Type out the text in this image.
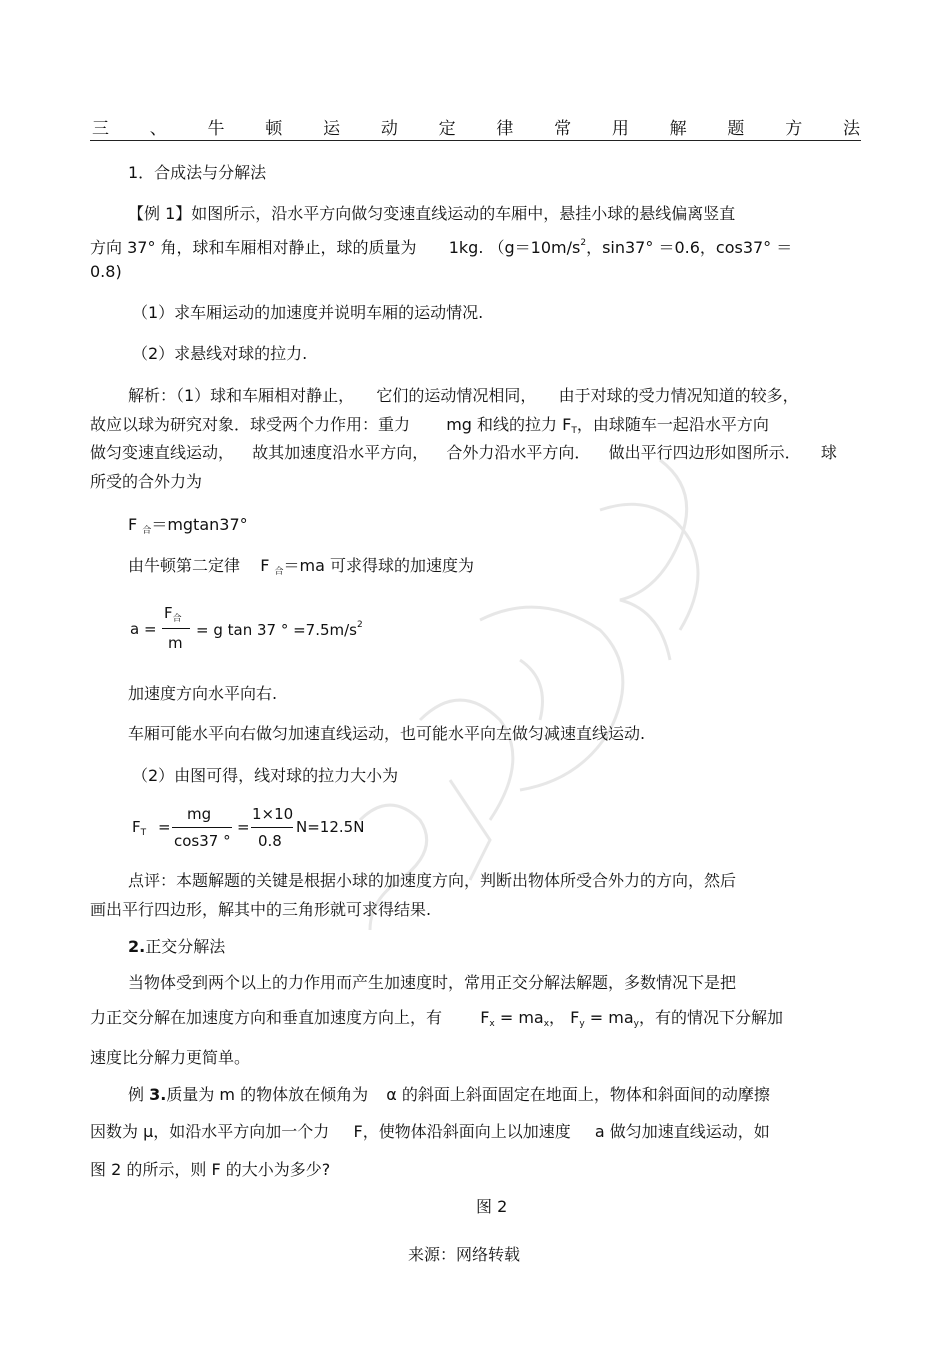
三 、 牛 顿 运 动 定 律 常 用 解 题 方 法
1．合成法与分解法
【例 1】如图所示，沿水平方向做匀变速直线运动的车厢中，悬挂小球的悬线偏离竖直
方向 37° 角，球和车厢相对静止，球的质量为 1kg. （$g=10m/s^2$，sin37° ＝0.6，cos37° ＝
0.8)
（1）求车厢运动的加速度并说明车厢的运动情况.
（2）求悬线对球的拉力.
解析：（1）球和车厢相对静止， 它们的运动情况相同， 由于对球的受力情况知道的较多，
故应以球为研究对象．球受两个力作用：重力 mg 和线的拉力 $F_T$，由球随车一起沿水平方向
做匀变速直线运动， 故其加速度沿水平方向， 合外力沿水平方向． 做出平行四边形如图所示． 球
所受的合外力为
F $_合$＝mgtan37°
由牛顿第二定律 F $_合$＝ma 可求得球的加速度为
a =
$F_合$
m
= g tan 37 ° $=7.5m/s^2$
加速度方向水平向右.
车厢可能水平向右做匀加速直线运动，也可能水平向左做匀减速直线运动.
（2）由图可得，线对球的拉力大小为
$F_T$ =
mg
cos37 °
=
1×10
0.8
N=12.5N
点评：本题解题的关键是根据小球的加速度方向，判断出物体所受合外力的方向，然后
画出平行四边形，解其中的三角形就可求得结果.
2.正交分解法
当物体受到两个以上的力作用而产生加速度时，常用正交分解法解题，多数情况下是把
力正交分解在加速度方向和垂直加速度方向上，有 $F_x = ma_x$， $F_y = ma_y$，有的情况下分解加
速度比分解力更简单。
例 3.质量为 m 的物体放在倾角为 α 的斜面上斜面固定在地面上，物体和斜面间的动摩擦
因数为 μ，如沿水平方向加一个力 F，使物体沿斜面向上以加速度 a 做匀加速直线运动，如
图 2 的所示，则 F 的大小为多少?
图 2
来源：网络转载
